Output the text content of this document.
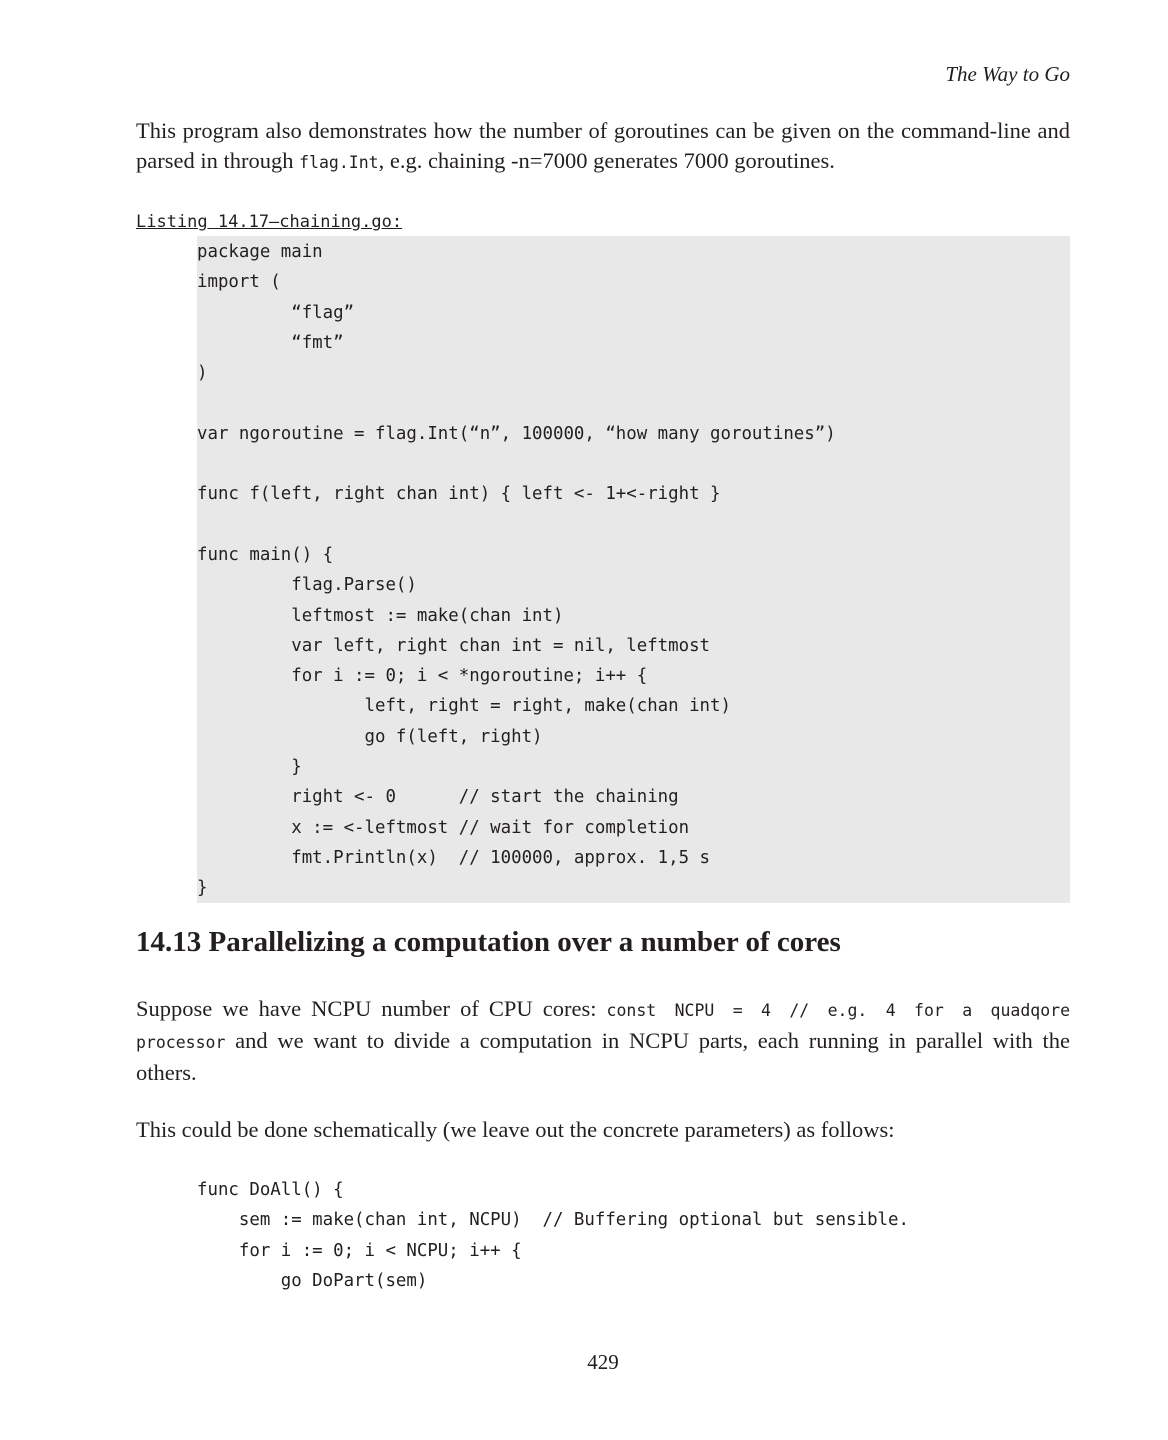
The Way to Go
This program also demonstrates how the number of goroutines can be given on the command-line and parsed in through flag.Int, e.g. chaining -n=7000 generates 7000 goroutines.
Listing 14.17—chaining.go:
package main
import (
“flag”
“fmt”
)

var ngoroutine = flag.Int(“n”, 100000, “how many goroutines”)

func f(left, right chan int) { left <- 1+<-right }

func main() {
flag.Parse()
leftmost := make(chan int)
var left, right chan int = nil, leftmost
for i := 0; i < *ngoroutine; i++ {
left, right = right, make(chan int)
go f(left, right)
}
right <- 0      // start the chaining
x := <-leftmost // wait for completion
fmt.Println(x)  // 100000, approx. 1,5 s
}
14.13 Parallelizing a computation over a number of cores
Suppose we have NCPU number of CPU cores: const NCPU = 4 // e.g. 4 for a quadqore processor and we want to divide a computation in NCPU parts, each running in parallel with the others.
This could be done schematically (we leave out the concrete parameters) as follows:
func DoAll() {
sem := make(chan int, NCPU)  // Buffering optional but sensible.
for i := 0; i < NCPU; i++ {
go DoPart(sem)
429
